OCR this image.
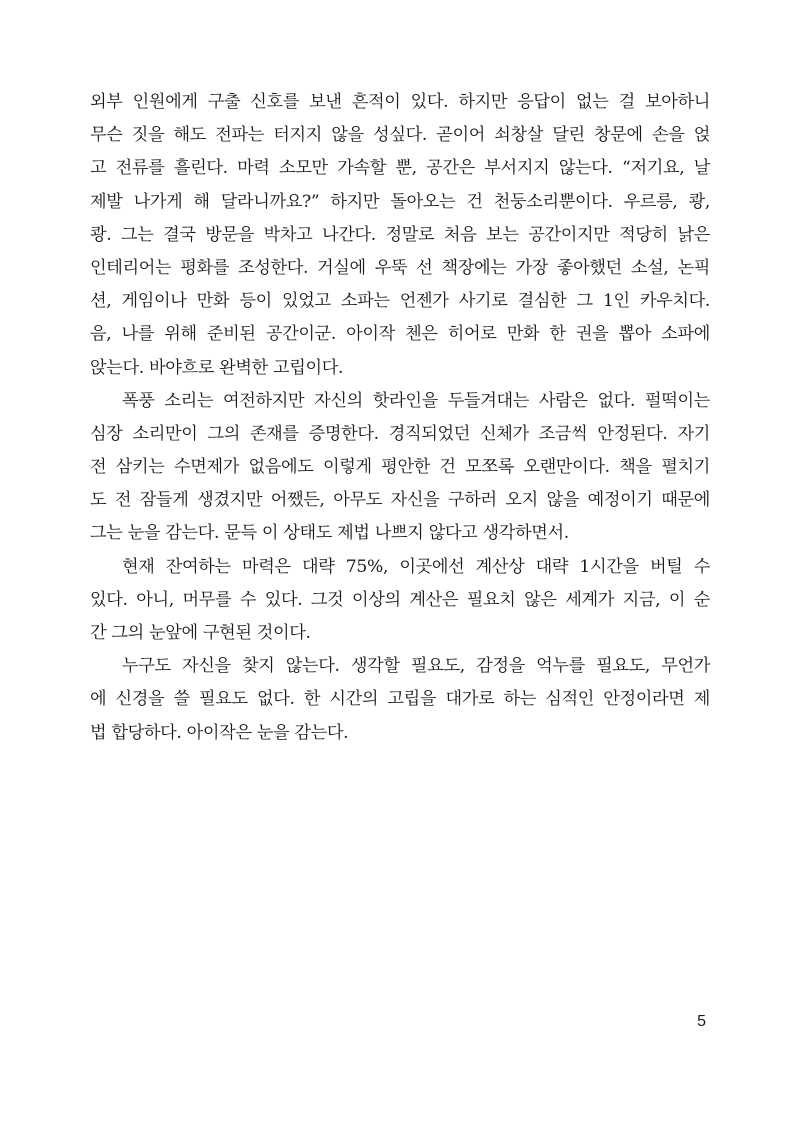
외부 인원에게 구출 신호를 보낸 흔적이 있다. 하지만 응답이 없는 걸 보아하니
무슨 짓을 해도 전파는 터지지 않을 성싶다. 곧이어 쇠창살 달린 창문에 손을 얹
고 전류를 흘린다. 마력 소모만 가속할 뿐, 공간은 부서지지 않는다. “저기요, 날
제발 나가게 해 달라니까요?” 하지만 돌아오는 건 천둥소리뿐이다. 우르릉, 쾅,
쾅. 그는 결국 방문을 박차고 나간다. 정말로 처음 보는 공간이지만 적당히 낡은
인테리어는 평화를 조성한다. 거실에 우뚝 선 책장에는 가장 좋아했던 소설, 논픽
션, 게임이나 만화 등이 있었고 소파는 언젠가 사기로 결심한 그 1인 카우치다.
음, 나를 위해 준비된 공간이군. 아이작 첸은 히어로 만화 한 권을 뽑아 소파에
앉는다. 바야흐로 완벽한 고립이다.
폭풍 소리는 여전하지만 자신의 핫라인을 두들겨대는 사람은 없다. 펄떡이는
심장 소리만이 그의 존재를 증명한다. 경직되었던 신체가 조금씩 안정된다. 자기
전 삼키는 수면제가 없음에도 이렇게 평안한 건 모쪼록 오랜만이다. 책을 펼치기
도 전 잠들게 생겼지만 어쨌든, 아무도 자신을 구하러 오지 않을 예정이기 때문에
그는 눈을 감는다. 문득 이 상태도 제법 나쁘지 않다고 생각하면서.
현재 잔여하는 마력은 대략 75%, 이곳에선 계산상 대략 1시간을 버틸 수
있다. 아니, 머무를 수 있다. 그것 이상의 계산은 필요치 않은 세계가 지금, 이 순
간 그의 눈앞에 구현된 것이다.
누구도 자신을 찾지 않는다. 생각할 필요도, 감정을 억누를 필요도, 무언가
에 신경을 쓸 필요도 없다. 한 시간의 고립을 대가로 하는 심적인 안정이라면 제
법 합당하다. 아이작은 눈을 감는다.
5
